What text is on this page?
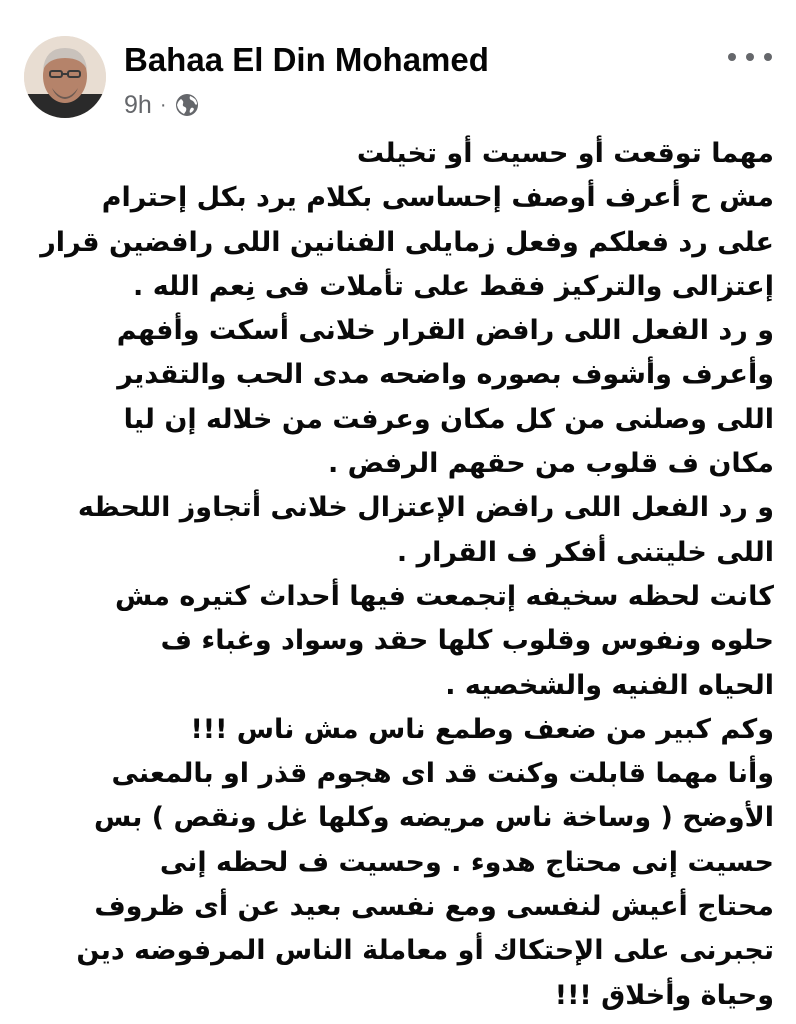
Bahaa El Din Mohamed
9h ·
مهما توقعت أو حسيت أو تخيلت
مش ح أعرف أوصف إحساسى بكلام يرد بكل إحترام
على رد فعلكم وفعل زمايلى الفنانين اللى رافضين قرار
إعتزالى والتركيز فقط على تأملات فى نِعم الله .
و رد الفعل اللى رافض القرار خلانى أسكت وأفهم
وأعرف وأشوف بصوره واضحه مدى الحب والتقدير
اللى وصلنى من كل مكان وعرفت من خلاله إن ليا
مكان ف قلوب من حقهم الرفض .
و رد الفعل اللى رافض الإعتزال خلانى أتجاوز اللحظه
اللى خليتنى أفكر ف القرار .
كانت لحظه سخيفه إتجمعت فيها أحداث كتيره مش
حلوه ونفوس وقلوب كلها حقد وسواد وغباء ف
الحياه الفنيه والشخصيه .
وكم كبير من ضعف وطمع ناس مش ناس !!!
وأنا مهما قابلت وكنت قد اى هجوم قذر او بالمعنى
الأوضح ( وساخة ناس مريضه وكلها غل ونقص ) بس
حسيت إنى محتاج هدوء . وحسيت ف لحظه إنى
محتاج أعيش لنفسى ومع نفسى بعيد عن أى ظروف
تجبرنى على الإحتكاك أو معاملة الناس المرفوضه دين
وحياة وأخلاق !!!
